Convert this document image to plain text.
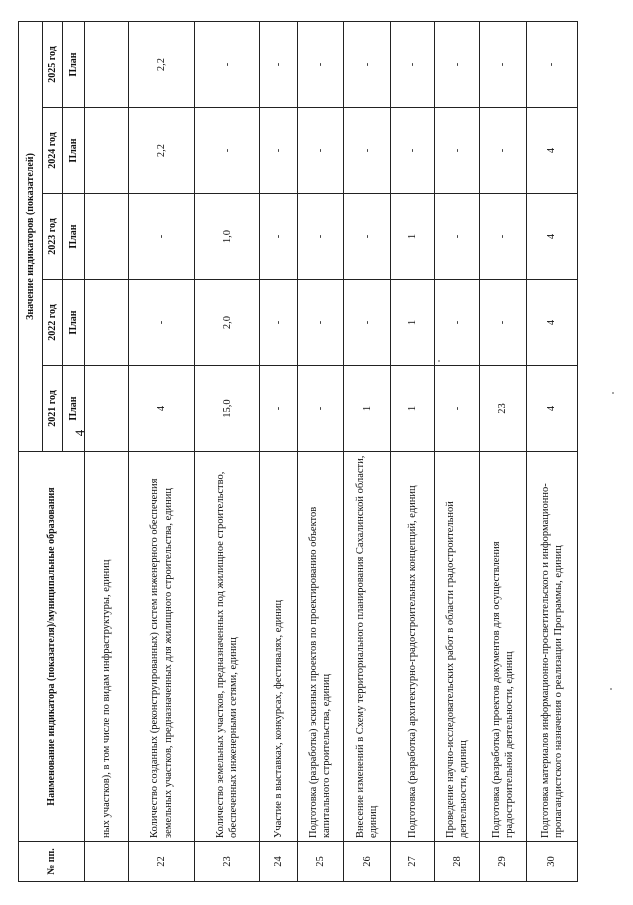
4
№ пп.	Наименование индикатора (показателя)/муниципальные образования	Значение индикаторов (показателей)				
		2021 год	2022 год	2023 год	2024 год	2025 год
		План	План	План	План	План
	ных участков), в том числе по видам инфраструктуры, единиц					
22	Количество созданных (реконструированных) систем инженерного обеспечения земельных участков, предназначенных для жилищного строительства, единиц	4	-	-	2,2	2,2
23	Количество земельных участков, предназначенных под жилищное строительство, обеспеченных инженерными сетями, единиц	15,0	2,0	1,0	-	-
24	Участие в выставках, конкурсах, фестивалях, единиц	-	-	-	-	-
25	Подготовка (разработка) эскизных проектов по проектированию объектов капитального строительства, единиц	-	-	-	-	-
26	Внесение изменений в Схему территориального планирования Сахалинской области, единиц	1	-	-	-	-
27	Подготовка (разработка) архитектурно-градостроительных концепций, единиц	1	1	1	-	-
28	Проведение научно-исследовательских работ в области градостроительной деятельности, единиц	-	-	-	-	-
29	Подготовка (разработка) проектов документов для осуществления градостроительной деятельности, единиц	23	-	-	-	-
30	Подготовка материалов информационно-просветительского и информационно-пропагандистского назначения о реализации Программы, единиц	4	4	4	4	-
